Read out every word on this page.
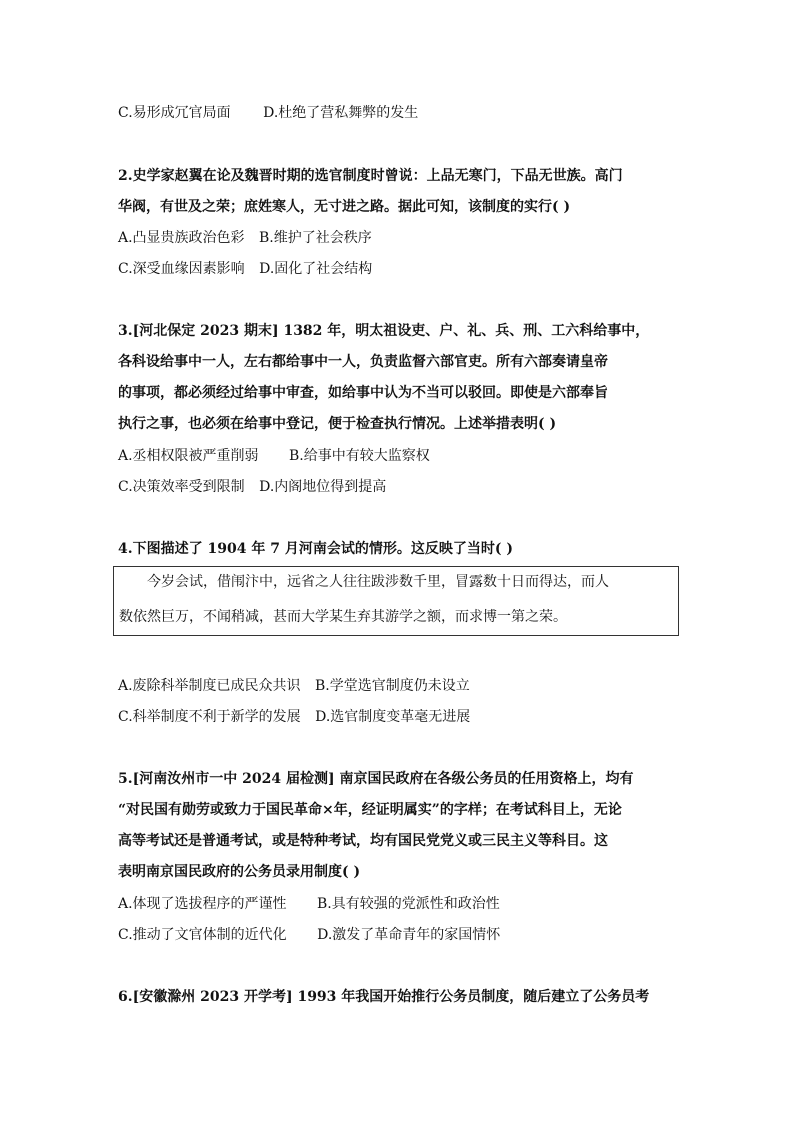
C.易形成冗官局面 D.杜绝了营私舞弊的发生
2.史学家赵翼在论及魏晋时期的选官制度时曾说：上品无寒门，下品无世族。高门
华阀，有世及之荣；庶姓寒人，无寸进之路。据此可知，该制度的实行( )
A.凸显贵族政治色彩 B.维护了社会秩序
C.深受血缘因素影响 D.固化了社会结构
3.[河北保定 2023 期末] 1382 年，明太祖设吏、户、礼、兵、刑、工六科给事中，
各科设给事中一人，左右都给事中一人，负责监督六部官吏。所有六部奏请皇帝
的事项，都必须经过给事中审查，如给事中认为不当可以驳回。即使是六部奉旨
执行之事，也必须在给事中登记，便于检查执行情况。上述举措表明( )
A.丞相权限被严重削弱 B.给事中有较大监察权
C.决策效率受到限制 D.内阁地位得到提高
4.下图描述了 1904 年 7 月河南会试的情形。这反映了当时( )
今岁会试，借闱汴中，远省之人往往跋涉数千里，冒露数十日而得达，而人
数依然巨万，不闻稍减，甚而大学某生弃其游学之额，而求博一第之荣。
A.废除科举制度已成民众共识 B.学堂选官制度仍未设立
C.科举制度不利于新学的发展 D.选官制度变革毫无进展
5.[河南汝州市一中 2024 届检测] 南京国民政府在各级公务员的任用资格上，均有
“对民国有勋劳或致力于国民革命×年，经证明属实”的字样；在考试科目上，无论
高等考试还是普通考试，或是特种考试，均有国民党党义或三民主义等科目。这
表明南京国民政府的公务员录用制度( )
A.体现了选拔程序的严谨性 B.具有较强的党派性和政治性
C.推动了文官体制的近代化 D.激发了革命青年的家国情怀
6.[安徽滁州 2023 开学考] 1993 年我国开始推行公务员制度，随后建立了公务员考
